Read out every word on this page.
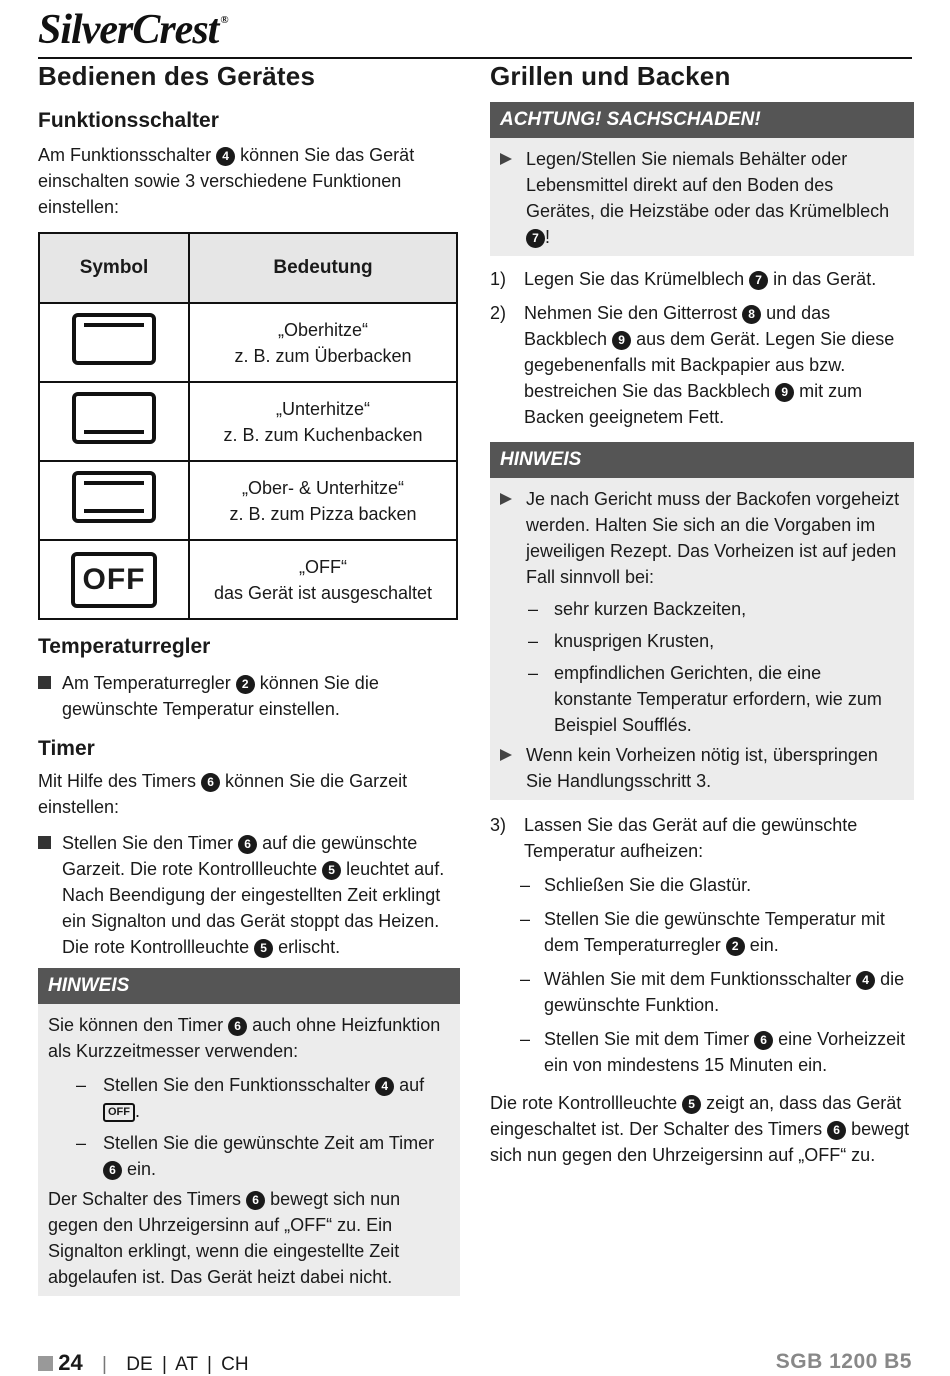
SilverCrest ®
Bedienen des Gerätes
Funktionsschalter

Am Funktionsschalter 4 können Sie das Gerät einschalten sowie 3 verschiedene Funktionen einstellen:

Symbol	Bedeutung

	„Oberhitze“
z. B. zum Überbacken

	„Unterhitze“
z. B. zum Kuchenbacken

	„Ober- & Unterhitze“
z. B. zum Pizza backen

OFF	„OFF“
das Gerät ist ausgeschaltet
Temperaturregler
Am Temperaturregler 2 können Sie die gewünschte Temperatur einstellen.
Timer

Mit Hilfe des Timers 6 können Sie die Garzeit einstellen:

Stellen Sie den Timer 6 auf die gewünschte Garzeit. Die rote Kontrollleuchte 5 leuchtet auf. Nach Beendigung der eingestellten Zeit erklingt ein Signalton und das Gerät stoppt das Heizen. Die rote Kontrollleuchte 5 erlischt.
HINWEIS

Sie können den Timer 6 auch ohne Heizfunktion als Kurzzeitmesser verwenden:

– Stellen Sie den Funktionsschalter 4 auf OFF .
– Stellen Sie die gewünschte Zeit am Timer 6 ein.

Der Schalter des Timers 6 bewegt sich nun gegen den Uhrzeigersinn auf „OFF“ zu. Ein Signalton erklingt, wenn die eingestellte Zeit abgelaufen ist. Das Gerät heizt dabei nicht.

Grillen und Backen
ACHTUNG! SACHSCHADEN!
Legen/Stellen Sie niemals Behälter oder Lebensmittel direkt auf den Boden des Gerätes, die Heizstäbe oder das Krümelblech 7 !
1) Legen Sie das Krümelblech 7 in das Gerät.
2) Nehmen Sie den Gitterrost 8 und das Backblech 9 aus dem Gerät. Legen Sie diese gegebenenfalls mit Backpapier aus bzw. bestreichen Sie das Backblech 9 mit zum Backen geeignetem Fett.
HINWEIS
Je nach Gericht muss der Backofen vorgeheizt werden. Halten Sie sich an die Vorgaben im jeweiligen Rezept. Das Vorheizen ist auf jeden Fall sinnvoll bei:
– sehr kurzen Backzeiten,
– knusprigen Krusten,
– empfindlichen Gerichten, die eine konstante Temperatur erfordern, wie zum Beispiel Soufflés.
Wenn kein Vorheizen nötig ist, überspringen Sie Handlungsschritt 3.
3) Lassen Sie das Gerät auf die gewünschte Temperatur aufheizen:
– Schließen Sie die Glastür.
– Stellen Sie die gewünschte Temperatur mit dem Temperaturregler 2 ein.
– Wählen Sie mit dem Funktionsschalter 4 die gewünschte Funktion.
– Stellen Sie mit dem Timer 6 eine Vorheizzeit ein von mindestens 15 Minuten ein.

Die rote Kontrollleuchte 5 zeigt an, dass das Gerät eingeschaltet ist. Der Schalter des Timers 6 bewegt sich nun gegen den Uhrzeigersinn auf „OFF“ zu.

24 | DE | AT | CH	SGB 1200 B5
